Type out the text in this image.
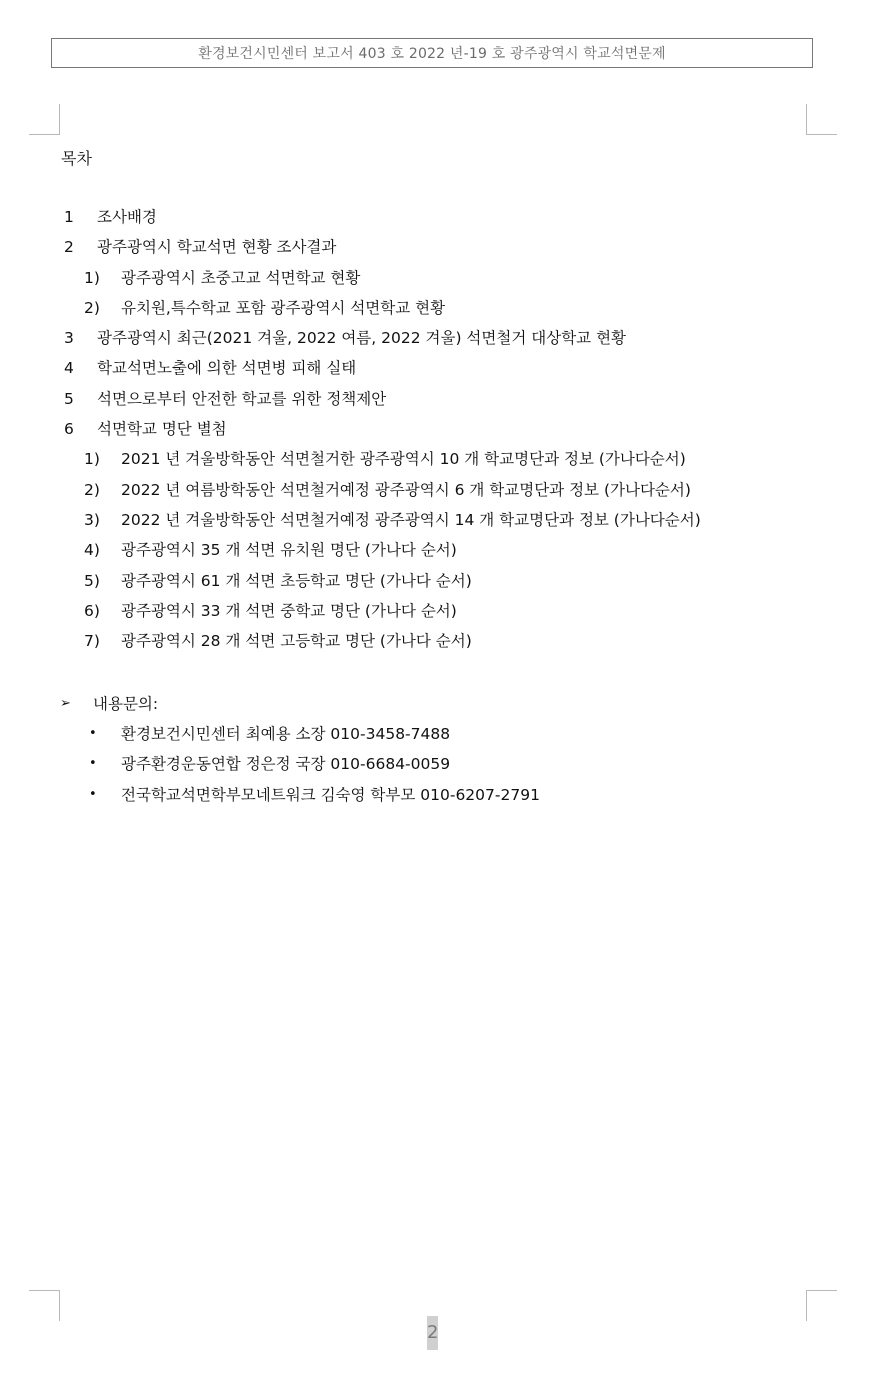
환경보건시민센터 보고서 403 호 2022 년-19 호 광주광역시 학교석면문제
목차
1 조사배경
2 광주광역시 학교석면 현황 조사결과
1) 광주광역시 초중고교 석면학교 현황
2) 유치원,특수학교 포함 광주광역시 석면학교 현황
3 광주광역시 최근(2021 겨울, 2022 여름, 2022 겨울) 석면철거 대상학교 현황
4 학교석면노출에 의한 석면병 피해 실태
5 석면으로부터 안전한 학교를 위한 정책제안
6 석면학교 명단 별첨
1) 2021 년 겨울방학동안 석면철거한 광주광역시 10 개 학교명단과 정보 (가나다순서)
2) 2022 년 여름방학동안 석면철거예정 광주광역시 6 개 학교명단과 정보 (가나다순서)
3) 2022 년 겨울방학동안 석면철거예정 광주광역시 14 개 학교명단과 정보 (가나다순서)
4) 광주광역시 35 개 석면 유치원 명단 (가나다 순서)
5) 광주광역시 61 개 석면 초등학교 명단 (가나다 순서)
6) 광주광역시 33 개 석면 중학교 명단 (가나다 순서)
7) 광주광역시 28 개 석면 고등학교 명단 (가나다 순서)
➢ 내용문의:
• 환경보건시민센터 최예용 소장 010-3458-7488
• 광주환경운동연합 정은정 국장 010-6684-0059
• 전국학교석면학부모네트워크 김숙영 학부모 010-6207-2791
2
